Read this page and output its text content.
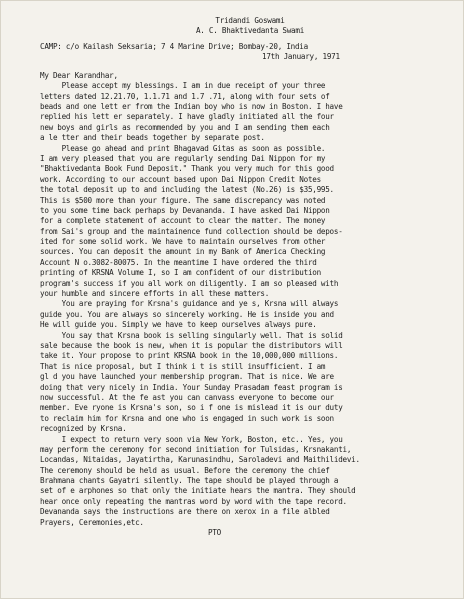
Tridandi Goswami
A. C. Bhaktivedanta Swami
CAMP: c/o Kailash Seksaria; 7 4 Marine Drive; Bombay-20, India
17th January, 1971
My Dear Karandhar,
Please accept my blessings. I am in due receipt of your three
letters dated 12.21.70, 1.1.71 and 1.7 .71, along with four sets of
beads and one lett er from the Indian boy who is now in Boston. I have
replied his lett er separately. I have gladly initiated all the four
new boys and girls as recommended by you and I am sending them each
a le tter and their beads together by separate post.
Please go ahead and print Bhagavad Gitas as soon as possible.
I am very pleased that you are regularly sending Dai Nippon for my
"Bhaktivedanta Book Fund Deposit." Thank you very much for this good
work. According to our account based upon Dai Nippon Credit Notes
the total deposit up to and including the latest (No.26) is $35,995.
This is $500 more than your figure. The same discrepancy was noted
to you some time back perhaps by Devananda. I have asked Dai Nippon
for a complete statement of account to clear the matter. The money
from Sai's group and the maintainence fund collection should be depos-
ited for some solid work. We have to maintain ourselves from other
sources. You can deposit the amount in my Bank of America Checking
Account N o.3082-80075. In the meantime I have ordered the third
printing of KRSNA Volume I, so I am confident of our distribution
program's success if you all work on diligently. I am so pleased with
your humble and sincere efforts in all these matters.
You are praying for Krsna's guidance and ye s, Krsna will always
guide you. You are always so sincerely working. He is inside you and
He will guide you. Simply we have to keep ourselves always pure.
You say that Krsna book is selling singularly well. That is solid
sale because the book is new, when it is popular the distributors will
take it. Your propose to print KRSNA book in the 10,000,000 millions.
That is nice proposal, but I think i t is still insufficient. I am
gl d you have launched your membership program. That is nice. We are
doing that very nicely in India. Your Sunday Prasadam feast program is
now successful. At the fe ast you can canvass everyone to become our
member. Eve ryone is Krsna's son, so i f one is mislead it is our duty
to reclaim him for Krsna and one who is engaged in such work is soon
recognized by Krsna.
I expect to return very soon via New York, Boston, etc.. Yes, you
may perform the ceremony for second initiation for Tulsidas, Krsnakanti,
Locandas, Nitaidas, Jayatirtha, Karunasindhu, Saroladevi and Maithilidevi.
The ceremony should be held as usual. Before the ceremony the chief
Brahmana chants Gayatri silently. The tape should be played through a
set of e arphones so that only the initiate hears the mantra. They should
hear once only repeating the mantras word by word with the tape record.
Devananda says the instructions are there on xerox in a file albled
Prayers, Ceremonies,etc.
PTO
